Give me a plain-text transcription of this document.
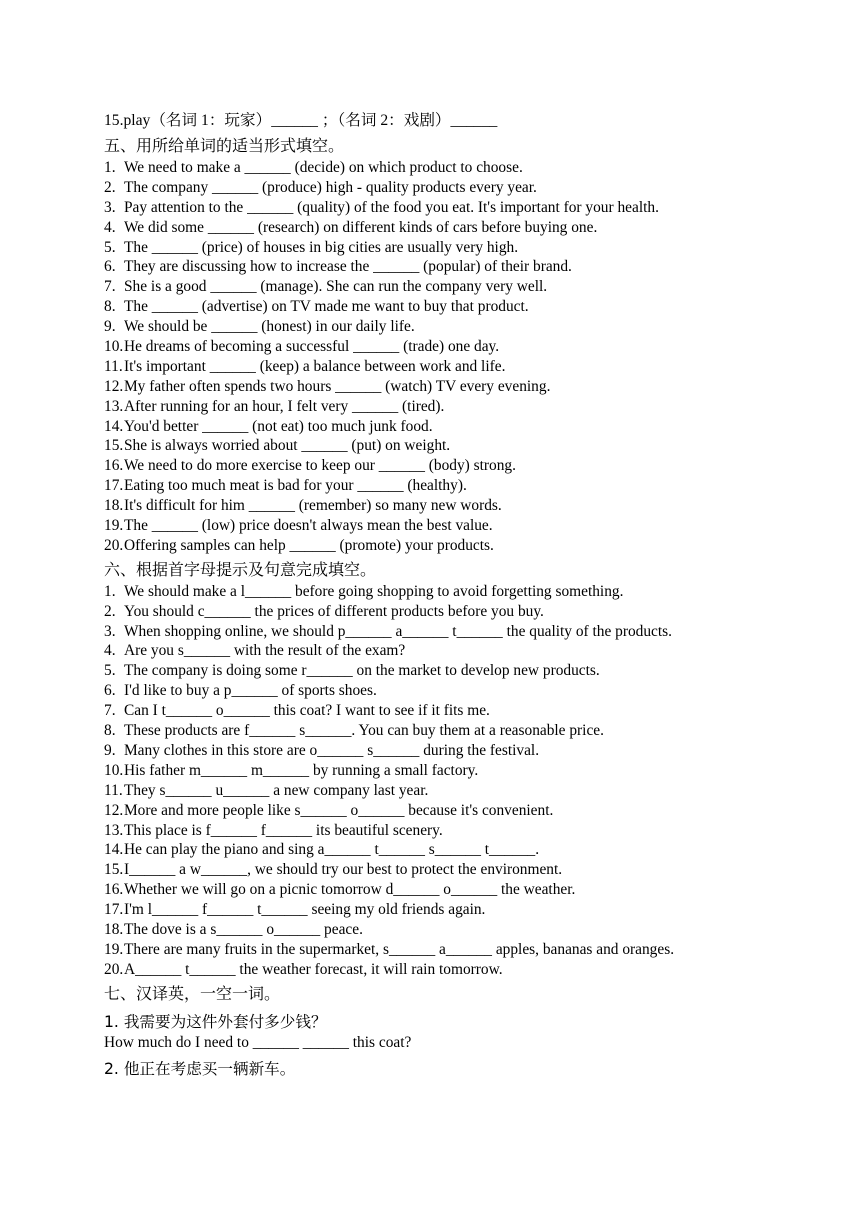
15.play（名词 1：玩家）______ ；（名词 2：戏剧）______
五、用所给单词的适当形式填空。
1. We need to make a ______ (decide) on which product to choose.
2. The company ______ (produce) high - quality products every year.
3. Pay attention to the ______ (quality) of the food you eat. It's important for your health.
4. We did some ______ (research) on different kinds of cars before buying one.
5. The ______ (price) of houses in big cities are usually very high.
6. They are discussing how to increase the ______ (popular) of their brand.
7. She is a good ______ (manage). She can run the company very well.
8. The ______ (advertise) on TV made me want to buy that product.
9. We should be ______ (honest) in our daily life.
10.He dreams of becoming a successful ______ (trade) one day.
11.It's important ______ (keep) a balance between work and life.
12.My father often spends two hours ______ (watch) TV every evening.
13.After running for an hour, I felt very ______ (tired).
14.You'd better ______ (not eat) too much junk food.
15.She is always worried about ______ (put) on weight.
16.We need to do more exercise to keep our ______ (body) strong.
17.Eating too much meat is bad for your ______ (healthy).
18.It's difficult for him ______ (remember) so many new words.
19.The ______ (low) price doesn't always mean the best value.
20.Offering samples can help ______ (promote) your products.
六、根据首字母提示及句意完成填空。
1. We should make a l______ before going shopping to avoid forgetting something.
2. You should c______ the prices of different products before you buy.
3. When shopping online, we should p______ a______ t______ the quality of the products.
4. Are you s______ with the result of the exam?
5. The company is doing some r______ on the market to develop new products.
6. I'd like to buy a p______ of sports shoes.
7. Can I t______ o______ this coat? I want to see if it fits me.
8. These products are f______ s______. You can buy them at a reasonable price.
9. Many clothes in this store are o______ s______ during the festival.
10.His father m______ m______ by running a small factory.
11.They s______ u______ a new company last year.
12.More and more people like s______ o______ because it's convenient.
13.This place is f______ f______ its beautiful scenery.
14.He can play the piano and sing a______ t______ s______ t______.
15.I______ a w______, we should try our best to protect the environment.
16.Whether we will go on a picnic tomorrow d______ o______ the weather.
17.I'm l______ f______ t______ seeing my old friends again.
18.The dove is a s______ o______ peace.
19.There are many fruits in the supermarket, s______ a______ apples, bananas and oranges.
20.A______ t______ the weather forecast, it will rain tomorrow.
七、汉译英，一空一词。
1. 我需要为这件外套付多少钱？
How much do I need to ______ ______ this coat?
2. 他正在考虑买一辆新车。
